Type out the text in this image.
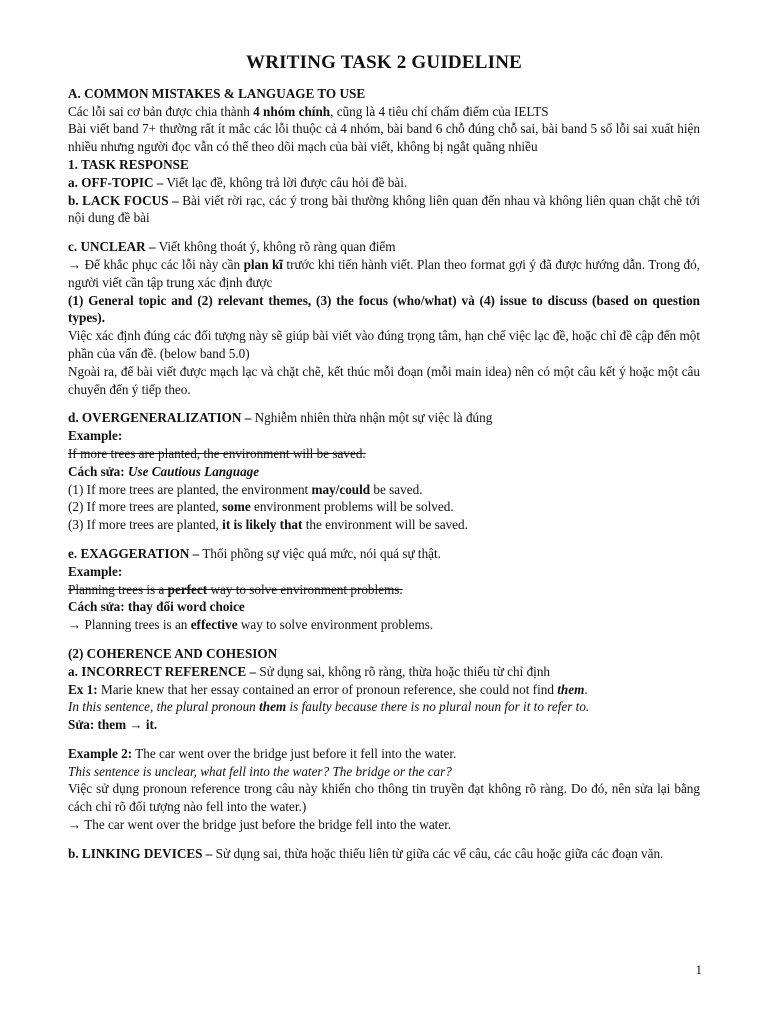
WRITING TASK 2 GUIDELINE

A. COMMON MISTAKES & LANGUAGE TO USE

Các lỗi sai cơ bản được chia thành 4 nhóm chính, cũng là 4 tiêu chí chấm điểm của IELTS

Bài viết band 7+ thường rất ít mắc các lỗi thuộc cả 4 nhóm, bài band 6 chỗ đúng chỗ sai, bài band 5 số lỗi sai xuất hiện nhiều nhưng người đọc vẫn có thể theo dõi mạch của bài viết, không bị ngắt quãng nhiều

1. TASK RESPONSE

a. OFF-TOPIC – Viết lạc đề, không trả lời được câu hỏi đề bài.

b. LACK FOCUS – Bài viết rời rạc, các ý trong bài thường không liên quan đến nhau và không liên quan chặt chẽ tới nội dung đề bài

c. UNCLEAR – Viết không thoát ý, không rõ ràng quan điểm

→ Để khắc phục các lỗi này cần plan kĩ trước khi tiến hành viết. Plan theo format gợi ý đã được hướng dẫn. Trong đó, người viết cần tập trung xác định được

(1) General topic and (2) relevant themes, (3) the focus (who/what) và (4) issue to discuss (based on question types).

Việc xác định đúng các đối tượng này sẽ giúp bài viết vào đúng trọng tâm, hạn chế việc lạc đề, hoặc chỉ đề cập đến một phần của vấn đề. (below band 5.0)

Ngoài ra, để bài viết được mạch lạc và chặt chẽ, kết thúc mỗi đoạn (mỗi main idea) nên có một câu kết ý hoặc một câu chuyển đến ý tiếp theo.

d. OVERGENERALIZATION – Nghiễm nhiên thừa nhận một sự việc là đúng

Example:

If more trees are planted, the environment will be saved.

Cách sửa: Use Cautious Language

(1) If more trees are planted, the environment may/could be saved.

(2) If more trees are planted, some environment problems will be solved.

(3) If more trees are planted, it is likely that the environment will be saved.

e. EXAGGERATION – Thổi phồng sự việc quá mức, nói quá sự thật.

Example:

Planning trees is a perfect way to solve environment problems.

Cách sửa: thay đổi word choice

→ Planning trees is an effective way to solve environment problems.

(2) COHERENCE AND COHESION

a. INCORRECT REFERENCE – Sử dụng sai, không rõ ràng, thừa hoặc thiếu từ chỉ định

Ex 1: Marie knew that her essay contained an error of pronoun reference, she could not find them.

In this sentence, the plural pronoun them is faulty because there is no plural noun for it to refer to.

Sửa: them → it.

Example 2: The car went over the bridge just before it fell into the water.

This sentence is unclear, what fell into the water? The bridge or the car?

Việc sử dụng pronoun reference trong câu này khiến cho thông tin truyền đạt không rõ ràng. Do đó, nên sửa lại bằng cách chỉ rõ đối tượng nào fell into the water.)

→ The car went over the bridge just before the bridge fell into the water.

b. LINKING DEVICES – Sử dụng sai, thừa hoặc thiếu liên từ giữa các vế câu, các câu hoặc giữa các đoạn văn.

1
